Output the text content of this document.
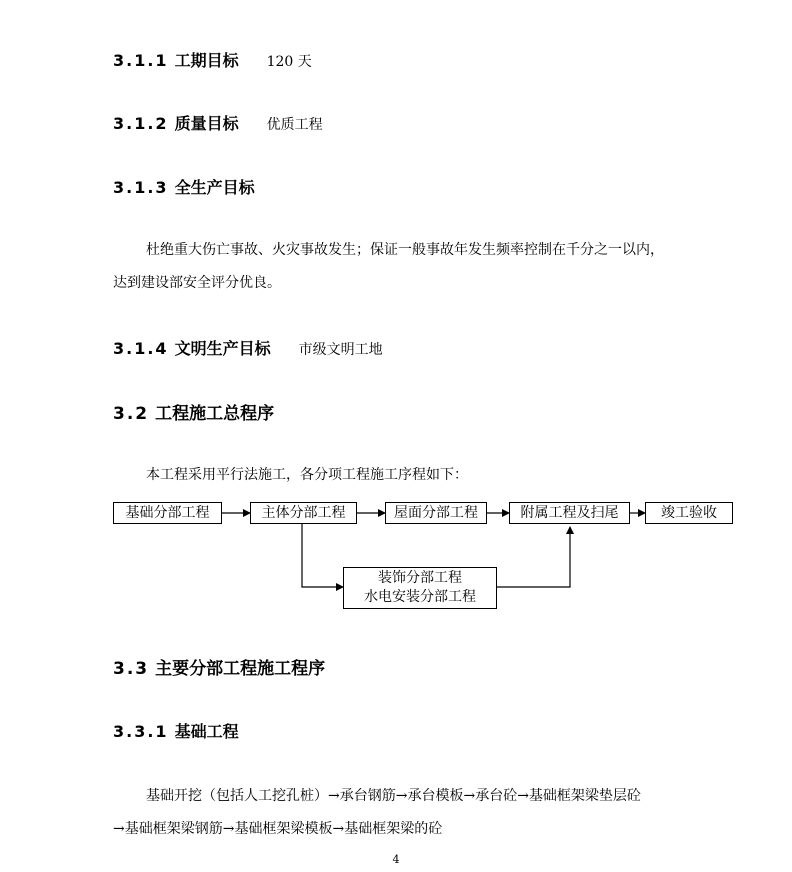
3.1.1 工期目标 120 天
3.1.2 质量目标 优质工程
3.1.3 全生产目标
杜绝重大伤亡事故、火灾事故发生；保证一般事故年发生频率控制在千分之一以内，
达到建设部安全评分优良。
3.1.4 文明生产目标 市级文明工地
3.2 工程施工总程序
本工程采用平行法施工，各分项工程施工序程如下：
基础分部工程	主体分部工程	屋面分部工程	附属工程及扫尾	竣工验收
装饰分部工程
水电安装分部工程
3.3 主要分部工程施工程序
3.3.1 基础工程
基础开挖（包括人工挖孔桩）→承台钢筋→承台模板→承台砼→基础框架梁垫层砼
→基础框架梁钢筋→基础框架梁模板→基础框架梁的砼
4
